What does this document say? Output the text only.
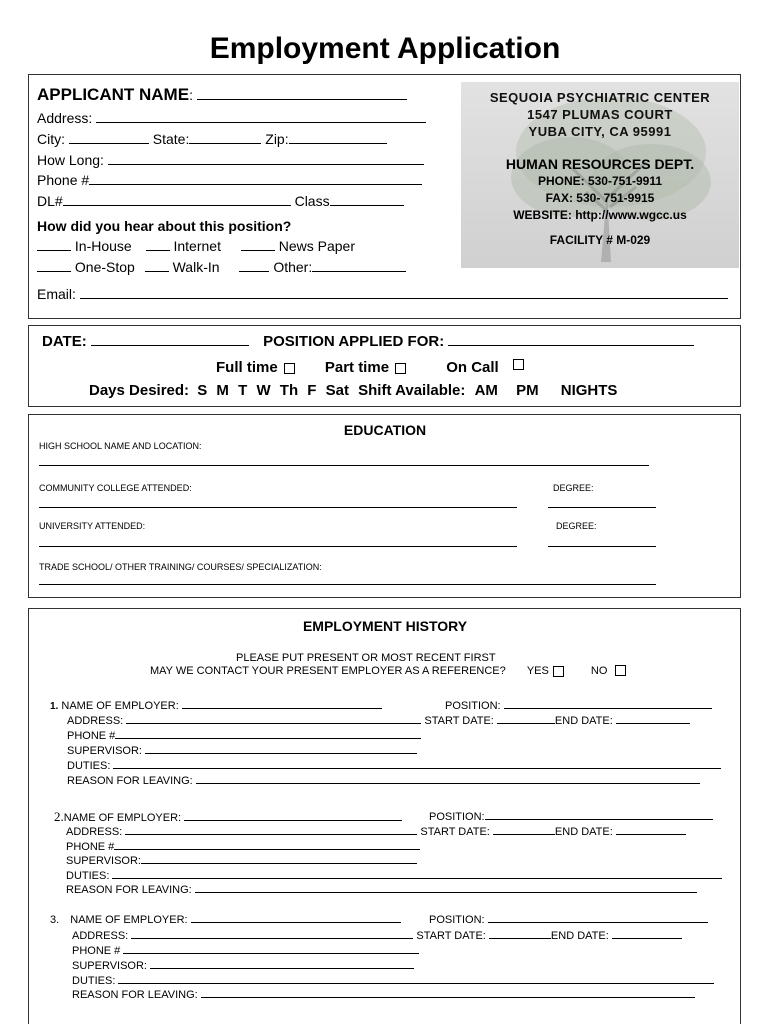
Employment Application
APPLICANT NAME:
Address:
City:	State:	Zip:
How Long:
Phone #
DL#	Class
How did you hear about this position?
In-House	Internet	News Paper
One-Stop	Walk-In	Other:
Email:
SEQUOIA PSYCHIATRIC CENTER
1547 PLUMAS COURT
YUBA CITY, CA 95991
HUMAN RESOURCES DEPT.
PHONE: 530-751-9911
FAX: 530- 751-9915
WEBSITE: http://www.wgcc.us
FACILITY # M-029
DATE:	POSITION APPLIED FOR:
Full time	Part time	On Call
Days Desired: S M T W Th F Sat Shift Available: AM PM NIGHTS
EDUCATION
HIGH SCHOOL NAME AND LOCATION:
COMMUNITY COLLEGE ATTENDED:	DEGREE:
UNIVERSITY ATTENDED:	DEGREE:
TRADE SCHOOL/ OTHER TRAINING/ COURSES/ SPECIALIZATION:
EMPLOYMENT HISTORY
PLEASE PUT PRESENT OR MOST RECENT FIRST
MAY WE CONTACT YOUR PRESENT EMPLOYER AS A REFERENCE? YES	NO
1. NAME OF EMPLOYER:	POSITION:
ADDRESS:	START DATE:	END DATE:
PHONE #
SUPERVISOR:
DUTIES:
REASON FOR LEAVING:
2.NAME OF EMPLOYER:	POSITION:
ADDRESS:	START DATE:	END DATE:
PHONE #
SUPERVISOR:
DUTIES:
REASON FOR LEAVING:
3. NAME OF EMPLOYER:	POSITION:
ADDRESS:	START DATE:	END DATE:
PHONE #
SUPERVISOR:
DUTIES:
REASON FOR LEAVING:
